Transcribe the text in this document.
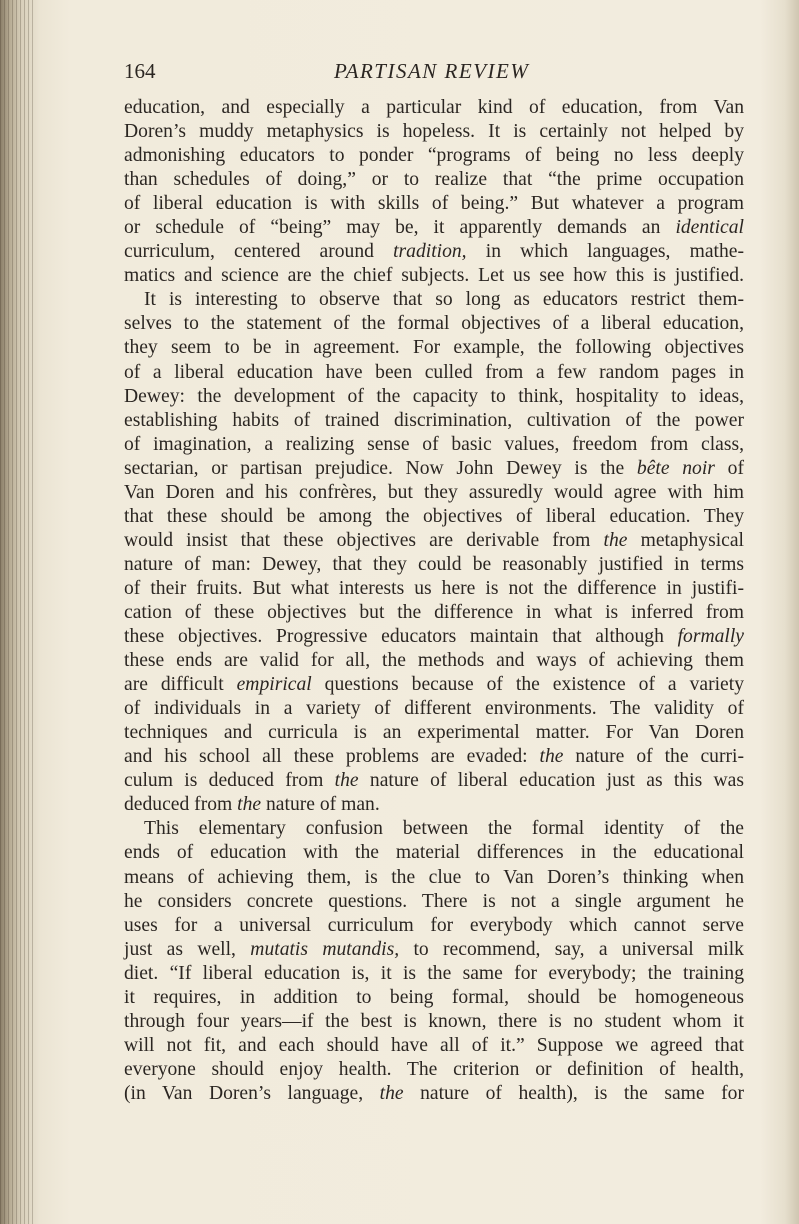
164	PARTISAN REVIEW

education, and especially a particular kind of education, from Van
Doren’s muddy metaphysics is hopeless. It is certainly not helped by
admonishing educators to ponder “programs of being no less deeply
than schedules of doing,” or to realize that “the prime occupation
of liberal education is with skills of being.” But whatever a program
or schedule of “being” may be, it apparently demands an identical
curriculum, centered around tradition, in which languages, mathe-
matics and science are the chief subjects. Let us see how this is justified.

It is interesting to observe that so long as educators restrict them-
selves to the statement of the formal objectives of a liberal education,
they seem to be in agreement. For example, the following objectives
of a liberal education have been culled from a few random pages in
Dewey: the development of the capacity to think, hospitality to ideas,
establishing habits of trained discrimination, cultivation of the power
of imagination, a realizing sense of basic values, freedom from class,
sectarian, or partisan prejudice. Now John Dewey is the bête noir of
Van Doren and his confrères, but they assuredly would agree with him
that these should be among the objectives of liberal education. They
would insist that these objectives are derivable from the metaphysical
nature of man: Dewey, that they could be reasonably justified in terms
of their fruits. But what interests us here is not the difference in justifi-
cation of these objectives but the difference in what is inferred from
these objectives. Progressive educators maintain that although formally
these ends are valid for all, the methods and ways of achieving them
are difficult empirical questions because of the existence of a variety
of individuals in a variety of different environments. The validity of
techniques and curricula is an experimental matter. For Van Doren
and his school all these problems are evaded: the nature of the curri-
culum is deduced from the nature of liberal education just as this was
deduced from the nature of man.

This elementary confusion between the formal identity of the
ends of education with the material differences in the educational
means of achieving them, is the clue to Van Doren’s thinking when
he considers concrete questions. There is not a single argument he
uses for a universal curriculum for everybody which cannot serve
just as well, mutatis mutandis, to recommend, say, a universal milk
diet. “If liberal education is, it is the same for everybody; the training
it requires, in addition to being formal, should be homogeneous
through four years—if the best is known, there is no student whom it
will not fit, and each should have all of it.” Suppose we agreed that
everyone should enjoy health. The criterion or definition of health,
(in Van Doren’s language, the nature of health), is the same for
